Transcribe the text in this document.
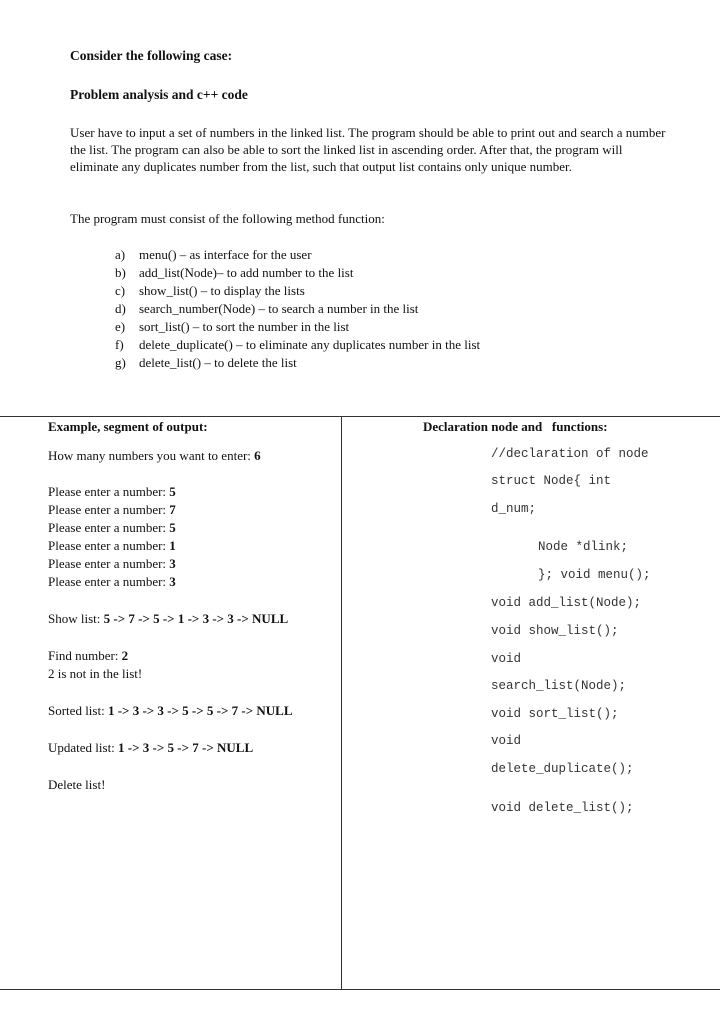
Consider the following case:
Problem analysis and c++ code
User have to input a set of numbers in the linked list. The program should be able to print out and search a number the list. The program can also be able to sort the linked list in ascending order. After that, the program will eliminate any duplicates number from the list, such that output list contains only unique number.
The program must consist of the following method function:
a) menu() – as interface for the user
b) add_list(Node)– to add number to the list
c) show_list() – to display the lists
d) search_number(Node) – to search a number in the list
e) sort_list() – to sort the number in the list
f) delete_duplicate() – to eliminate any duplicates number in the list
g) delete_list() – to delete the list
Example, segment of output:
How many numbers you want to enter: 6
Please enter a number: 5
Please enter a number: 7
Please enter a number: 5
Please enter a number: 1
Please enter a number: 3
Please enter a number: 3
Show list: 5 -> 7 -> 5 -> 1 -> 3 -> 3 -> NULL
Find number: 2
2 is not in the list!
Sorted list: 1 -> 3 -> 3 -> 5 -> 5 -> 7 -> NULL
Updated list: 1 -> 3 -> 5 -> 7 -> NULL
Delete list!
Declaration node and   functions:
//declaration of node
struct Node{ int
d_num;
Node *dlink;
}; void menu();
void add_list(Node);
void show_list();
void
search_list(Node);
void sort_list();
void
delete_duplicate();
void delete_list();
